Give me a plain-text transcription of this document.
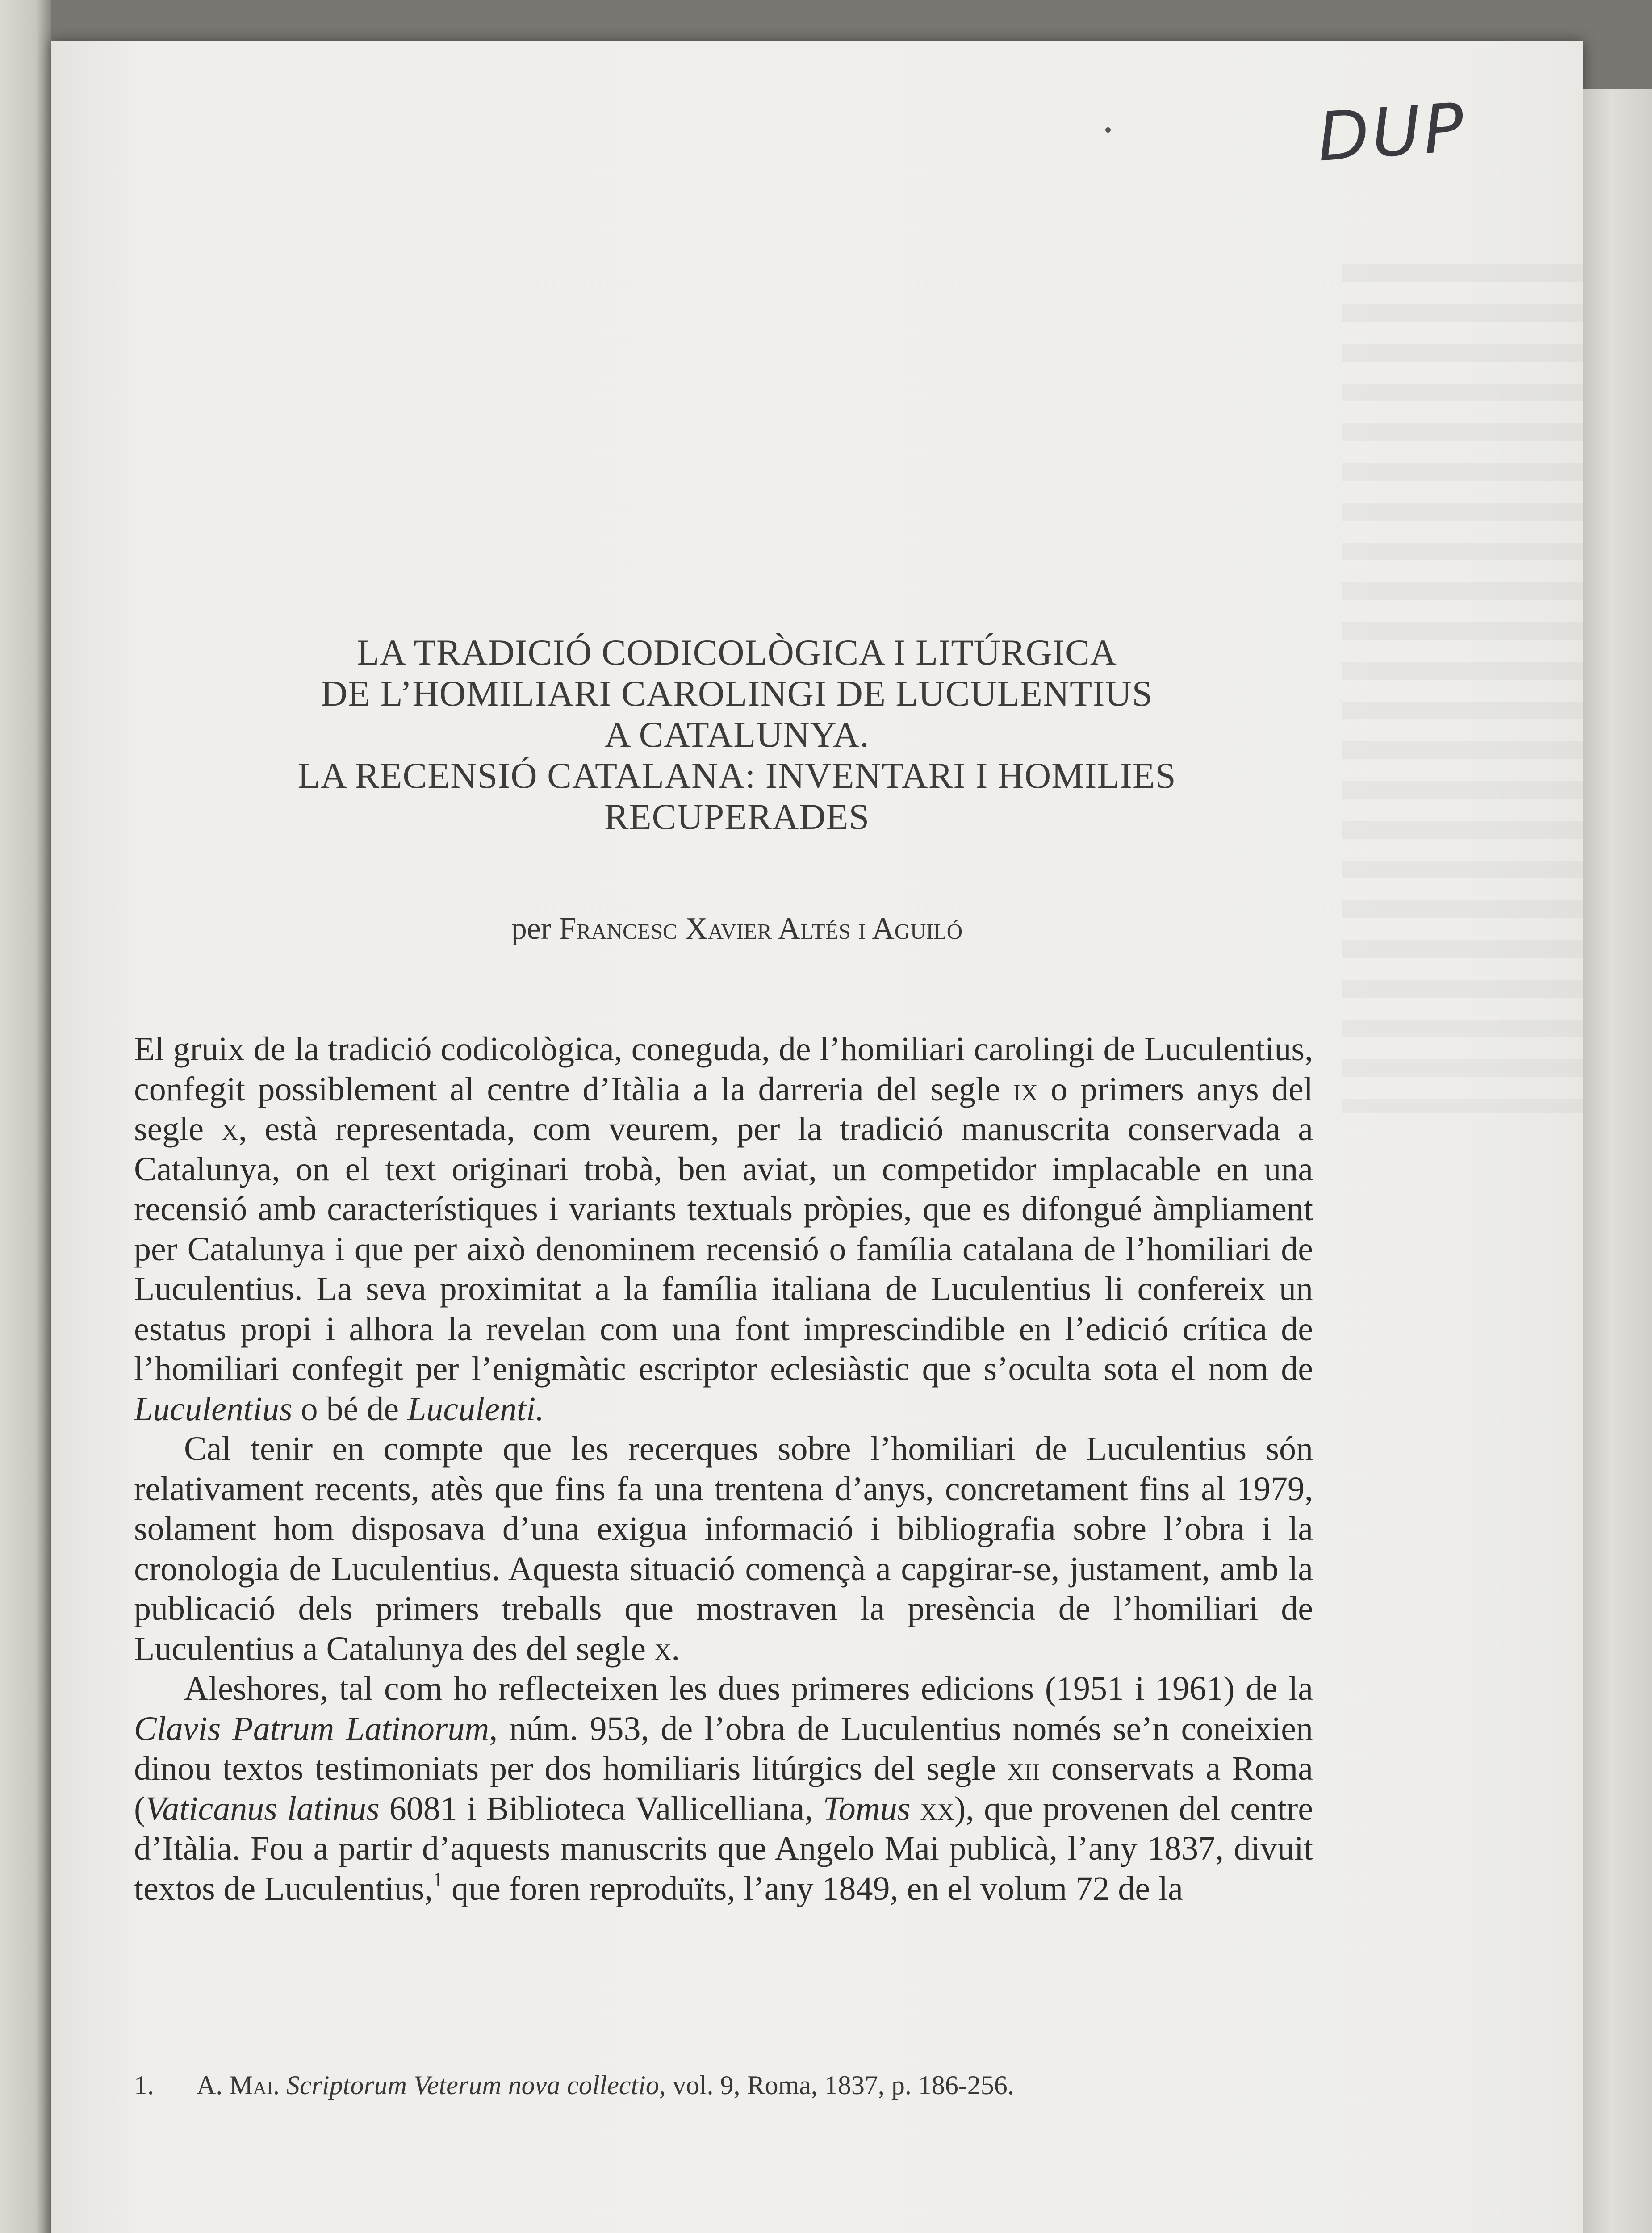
DUP
LA TRADICIÓ CODICOLÒGICA I LITÚRGICA
DE L’HOMILIARI CAROLINGI DE LUCULENTIUS
A CATALUNYA.
LA RECENSIÓ CATALANA: INVENTARI I HOMILIES
RECUPERADES
per Francesc Xavier Altés i Aguiló

El gruix de la tradició codicològica, coneguda, de l’homiliari carolingi de Luculentius, confegit possiblement al centre d’Itàlia a la darreria del segle ix o primers anys del segle x, està representada, com veurem, per la tradició manuscrita conservada a Catalunya, on el text originari trobà, ben aviat, un competidor implacable en una recensió amb característiques i variants textuals pròpies, que es difongué àmpliament per Catalunya i que per això denominem recensió o família catalana de l’homiliari de Luculentius. La seva proximitat a la família italiana de Luculentius li confereix un estatus propi i alhora la revelan com una font imprescindible en l’edició crítica de l’homiliari confegit per l’enigmàtic escriptor eclesiàstic que s’oculta sota el nom de Luculentius o bé de Luculenti.

Cal tenir en compte que les recerques sobre l’homiliari de Luculentius són relativament recents, atès que fins fa una trentena d’anys, concretament fins al 1979, solament hom disposava d’una exigua informació i bibliografia sobre l’obra i la cronologia de Luculentius. Aquesta situació començà a capgirar-se, justament, amb la publicació dels primers treballs que mostraven la presència de l’homiliari de Luculentius a Catalunya des del segle x.

Aleshores, tal com ho reflecteixen les dues primeres edicions (1951 i 1961) de la Clavis Patrum Latinorum, núm. 953, de l’obra de Luculentius només se’n coneixien dinou textos testimoniats per dos homiliaris litúrgics del segle xii conservats a Roma (Vaticanus latinus 6081 i Biblioteca Vallicelliana, Tomus xx), que provenen del centre d’Itàlia. Fou a partir d’aquests manuscrits que Angelo Mai publicà, l’any 1837, divuit textos de Luculentius,$^1$ que foren reproduïts, l’any 1849, en el volum 72 de la

1. A. Mai. Scriptorum Veterum nova collectio, vol. 9, Roma, 1837, p. 186-256.
